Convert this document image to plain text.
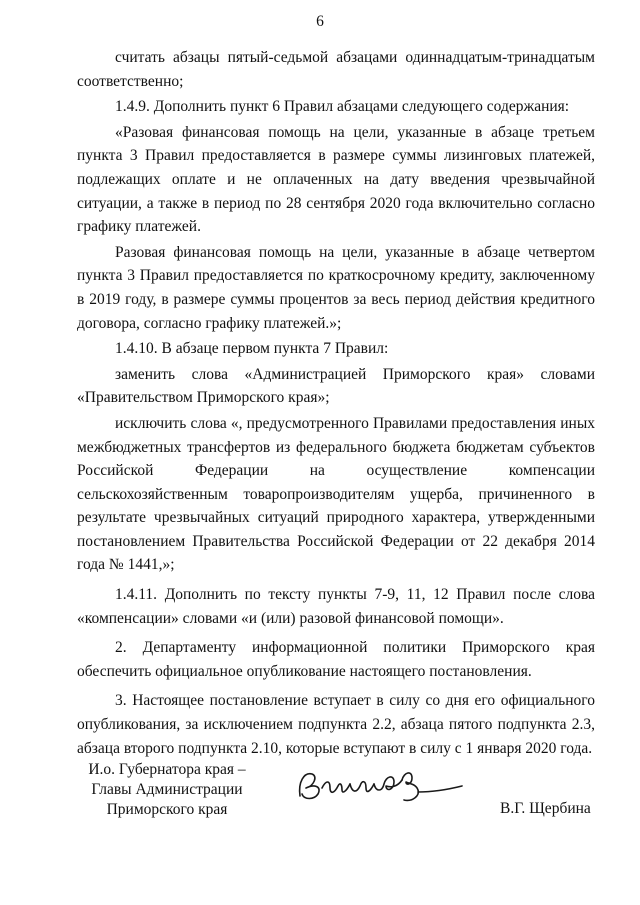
6

считать абзацы пятый-седьмой абзацами одиннадцатым-тринадцатым соответственно;

1.4.9. Дополнить пункт 6 Правил абзацами следующего содержания:

«Разовая финансовая помощь на цели, указанные в абзаце третьем пункта 3 Правил предоставляется в размере суммы лизинговых платежей, подлежащих оплате и не оплаченных на дату введения чрезвычайной ситуации, а также в период по 28 сентября 2020 года включительно согласно графику платежей.

Разовая финансовая помощь на цели, указанные в абзаце четвертом пункта 3 Правил предоставляется по краткосрочному кредиту, заключенному в 2019 году, в размере суммы процентов за весь период действия кредитного договора, согласно графику платежей.»;

1.4.10. В абзаце первом пункта 7 Правил:

заменить слова «Администрацией Приморского края» словами «Правительством Приморского края»;

исключить слова «, предусмотренного Правилами предоставления иных межбюджетных трансфертов из федерального бюджета бюджетам субъектов Российской Федерации на осуществление компенсации сельскохозяйственным товаропроизводителям ущерба, причиненного в результате чрезвычайных ситуаций природного характера, утвержденными постановлением Правительства Российской Федерации от 22 декабря 2014 года № 1441,»;

1.4.11. Дополнить по тексту пункты 7-9, 11, 12 Правил после слова «компенсации» словами «и (или) разовой финансовой помощи».

2. Департаменту информационной политики Приморского края обеспечить официальное опубликование настоящего постановления.

3. Настоящее постановление вступает в силу со дня его официального опубликования, за исключением подпункта 2.2, абзаца пятого подпункта 2.3, абзаца второго подпункта 2.10, которые вступают в силу с 1 января 2020 года.

И.о. Губернатора края –
Главы Администрации
Приморского края	В.Г. Щербина
